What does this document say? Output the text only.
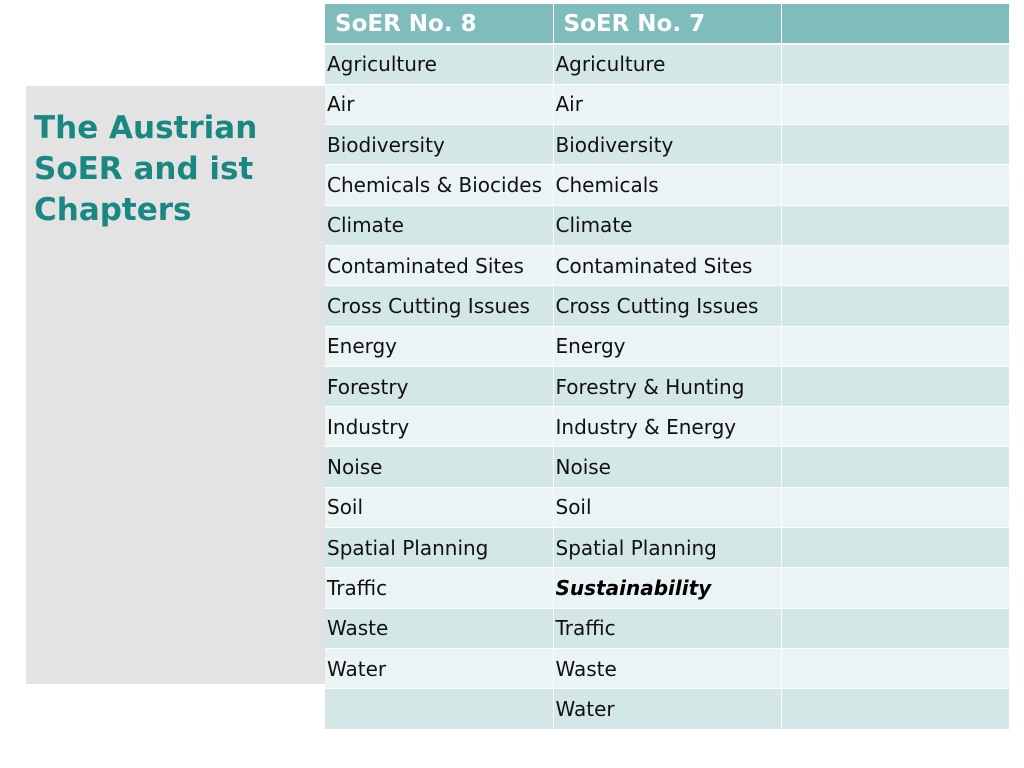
The Austrian
SoER and ist
Chapters
SoER No. 8	SoER No. 7	
Agriculture	Agriculture	
Air	Air	
Biodiversity	Biodiversity	
Chemicals & Biocides	Chemicals	
Climate	Climate	
Contaminated Sites	Contaminated Sites	
Cross Cutting Issues	Cross Cutting Issues	
Energy	Energy	
Forestry	Forestry & Hunting	
Industry	Industry & Energy	
Noise	Noise	
Soil	Soil	
Spatial Planning	Spatial Planning	
Traffic	Sustainability	
Waste	Traffic	
Water	Waste	
	Water	
